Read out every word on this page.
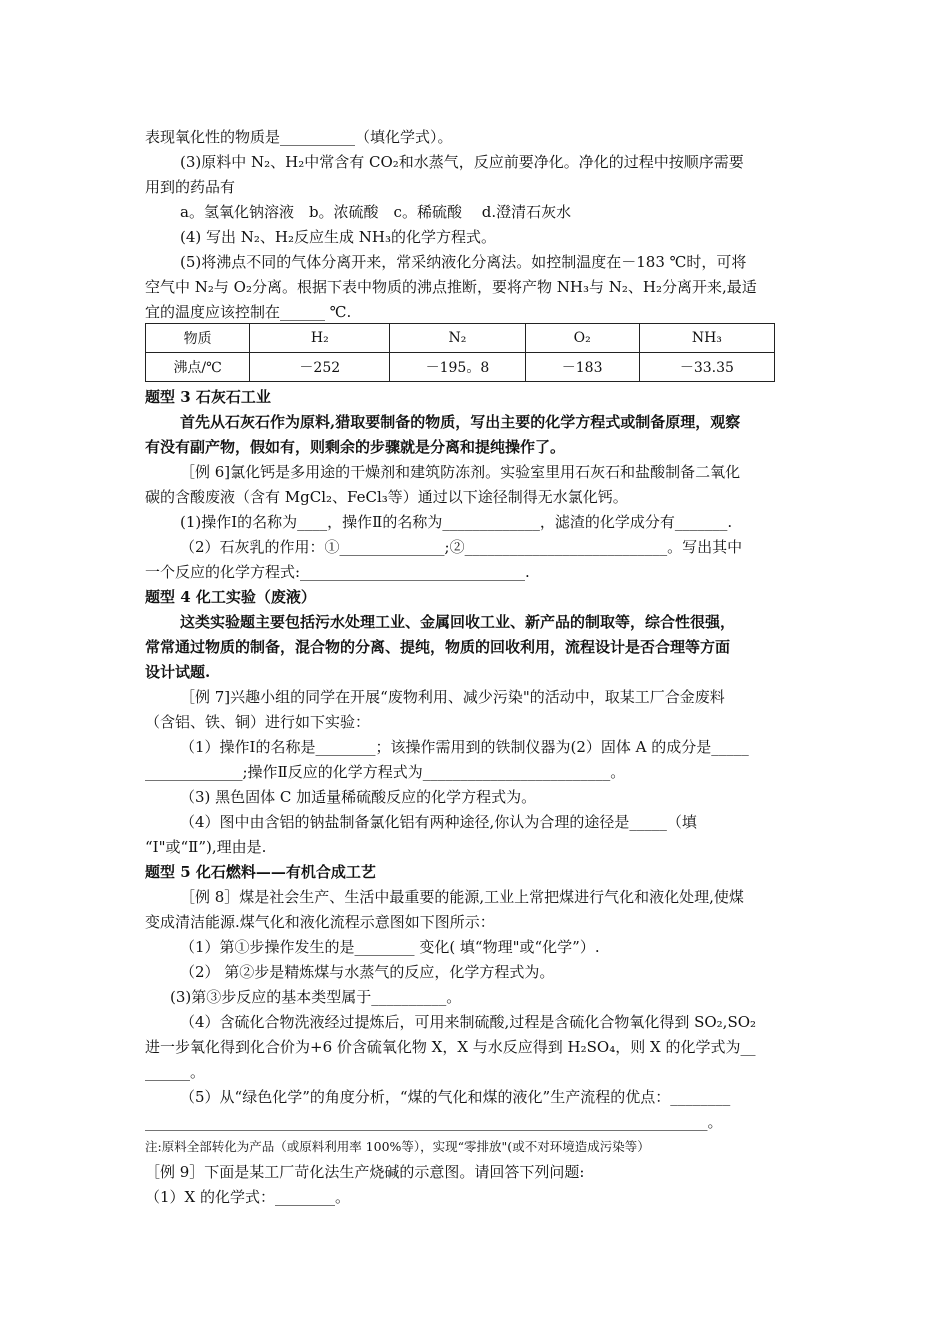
表现氧化性的物质是__________（填化学式）。
(3)原料中 N₂、H₂中常含有 CO₂和水蒸气，反应前要净化。净化的过程中按顺序需要
用到的药品有
a。氢氧化钠溶液　b。浓硫酸　c。稀硫酸　 d.澄清石灰水
(4) 写出 N₂、H₂反应生成 NH₃的化学方程式。
(5)将沸点不同的气体分离开来，常采纳液化分离法。如控制温度在－183 ℃时，可将
空气中 N₂与 O₂分离。根据下表中物质的沸点推断，要将产物 NH₃与 N₂、H₂分离开来,最适
宜的温度应该控制在______ ℃.
题型 3 石灰石工业
首先从石灰石作为原料,猎取要制备的物质，写出主要的化学方程式或制备原理，观察
有没有副产物，假如有，则剩余的步骤就是分离和提纯操作了。
［例 6]氯化钙是多用途的干燥剂和建筑防冻剂。实验室里用石灰石和盐酸制备二氧化
碳的含酸废液（含有 MgCl₂、FeCl₃等）通过以下途径制得无水氯化钙。
(1)操作Ⅰ的名称为____，操作Ⅱ的名称为_____________，滤渣的化学成分有_______.
（2）石灰乳的作用：①______________;②___________________________。写出其中
一个反应的化学方程式:______________________________.
题型 4 化工实验（废液）
这类实验题主要包括污水处理工业、金属回收工业、新产品的制取等，综合性很强，
常常通过物质的制备，混合物的分离、提纯，物质的回收利用，流程设计是否合理等方面
设计试题.
［例 7]兴趣小组的同学在开展“废物利用、减少污染"的活动中，取某工厂合金废料
（含铝、铁、铜）进行如下实验：
（1）操作Ⅰ的名称是________；该操作需用到的铁制仪器为(2）固体 A 的成分是_____
_____________;操作Ⅱ反应的化学方程式为_________________________。
（3) 黑色固体 C 加适量稀硫酸反应的化学方程式为。
（4）图中由含铝的钠盐制备氯化铝有两种途径,你认为合理的途径是_____（填
“Ⅰ"或“Ⅱ”),理由是.
题型 5 化石燃料——有机合成工艺
［例 8］煤是社会生产、生活中最重要的能源,工业上常把煤进行气化和液化处理,使煤
变成清洁能源.煤气化和液化流程示意图如下图所示：
（1）第①步操作发生的是________ 变化( 填“物理"或“化学”）.
（2） 第②步是精炼煤与水蒸气的反应，化学方程式为。
(3)第③步反应的基本类型属于__________。
（4）含硫化合物洗液经过提炼后，可用来制硫酸,过程是含硫化合物氧化得到 SO₂,SO₂
进一步氧化得到化合价为+6 价含硫氧化物 X，X 与水反应得到 H₂SO₄，则 X 的化学式为__
______。
（5）从“绿色化学”的角度分析，“煤的气化和煤的液化”生产流程的优点：________
___________________________________________________________________________。
注:原料全部转化为产品（或原料利用率 100%等），实现“零排放"(或不对环境造成污染等）
［例 9］下面是某工厂苛化法生产烧碱的示意图。请回答下列问题:
（1）X 的化学式：________。
物质	H₂	N₂	O₂	NH₃
沸点/℃	－252	－195。8	－183	－33.35
